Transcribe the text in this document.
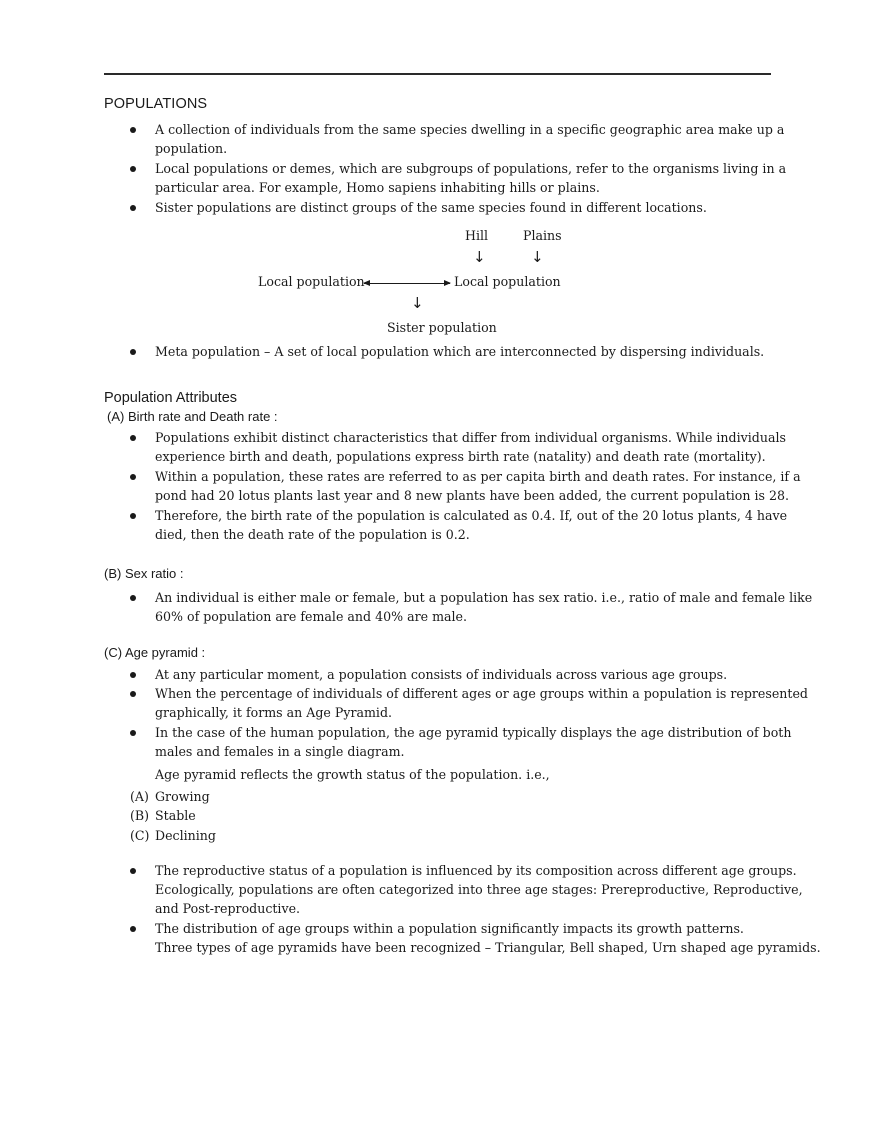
POPULATIONS
A collection of individuals from the same species dwelling in a specific geographic area make up a
population.
Local populations or demes, which are subgroups of populations, refer to the organisms living in a
particular area. For example, Homo sapiens inhabiting hills or plains.
Sister populations are distinct groups of the same species found in different locations.
Hill	Plains
↓	↓
Local population	Local population
↓
Sister population
Meta population – A set of local population which are interconnected by dispersing individuals.
Population Attributes
(A) Birth rate and Death rate :
Populations exhibit distinct characteristics that differ from individual organisms. While individuals
experience birth and death, populations express birth rate (natality) and death rate (mortality).
Within a population, these rates are referred to as per capita birth and death rates. For instance, if a
pond had 20 lotus plants last year and 8 new plants have been added, the current population is 28.
Therefore, the birth rate of the population is calculated as 0.4. If, out of the 20 lotus plants, 4 have
died, then the death rate of the population is 0.2.
(B) Sex ratio :
An individual is either male or female, but a population has sex ratio. i.e., ratio of male and female like
60% of population are female and 40% are male.
(C) Age pyramid :
At any particular moment, a population consists of individuals across various age groups.
When the percentage of individuals of different ages or age groups within a population is represented
graphically, it forms an Age Pyramid.
In the case of the human population, the age pyramid typically displays the age distribution of both
males and females in a single diagram.
Age pyramid reflects the growth status of the population. i.e.,
(A) Growing
(B) Stable
(C) Declining
The reproductive status of a population is influenced by its composition across different age groups.
Ecologically, populations are often categorized into three age stages: Prereproductive, Reproductive,
and Post-reproductive.
The distribution of age groups within a population significantly impacts its growth patterns.
Three types of age pyramids have been recognized – Triangular, Bell shaped, Urn shaped age pyramids.
